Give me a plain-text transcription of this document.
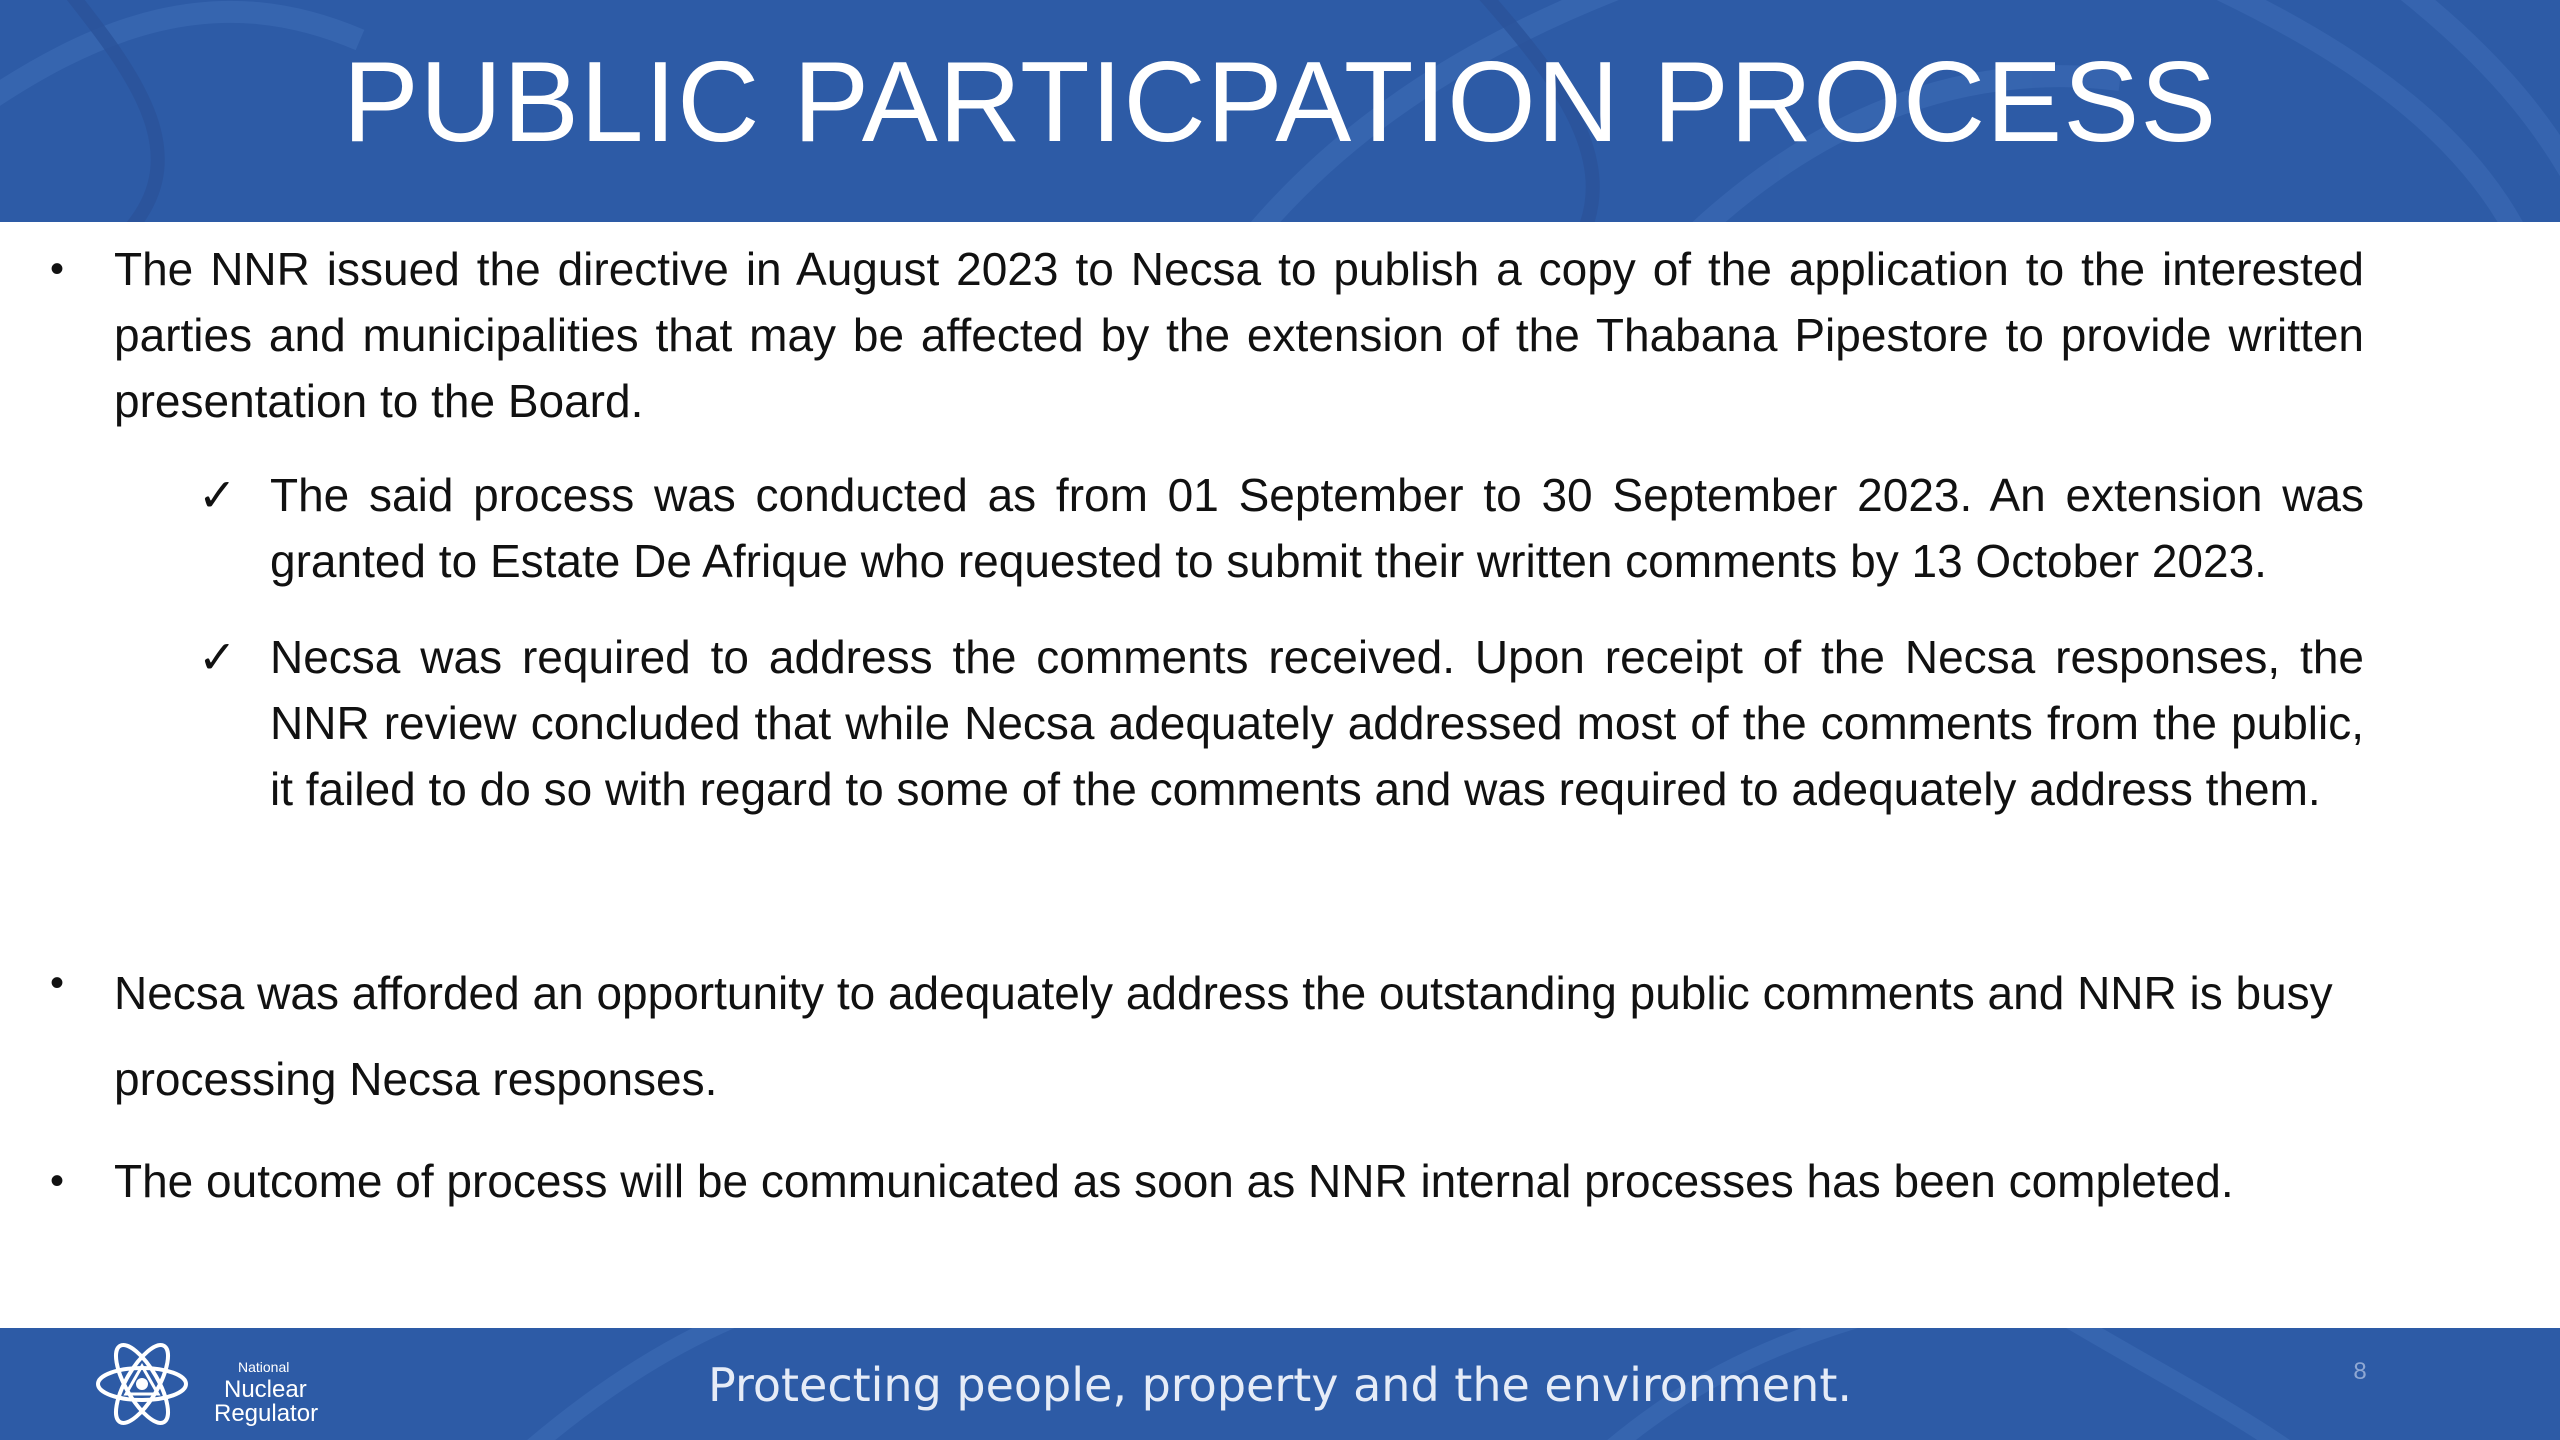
PUBLIC PARTICPATION PROCESS
•	The NNR issued the directive in August 2023 to Necsa to publish a copy of the application to the interested parties and municipalities that may be affected by the extension of the Thabana Pipestore to provide written presentation to the Board.
✓ The said process was conducted as from 01 September to 30 September 2023. An extension was granted to Estate De Afrique who requested to submit their written comments by 13 October 2023.
✓ Necsa was required to address the comments received. Upon receipt of the Necsa responses, the NNR review concluded that while Necsa adequately addressed most of the comments from the public, it failed to do so with regard to some of the comments and was required to adequately address them.
•	Necsa was afforded an opportunity to adequately address the outstanding public comments and NNR is busy processing Necsa responses.
•	The outcome of process will be communicated as soon as NNR internal processes has been completed.
National
Nuclear
Regulator
Protecting people, property and the environment.	8
